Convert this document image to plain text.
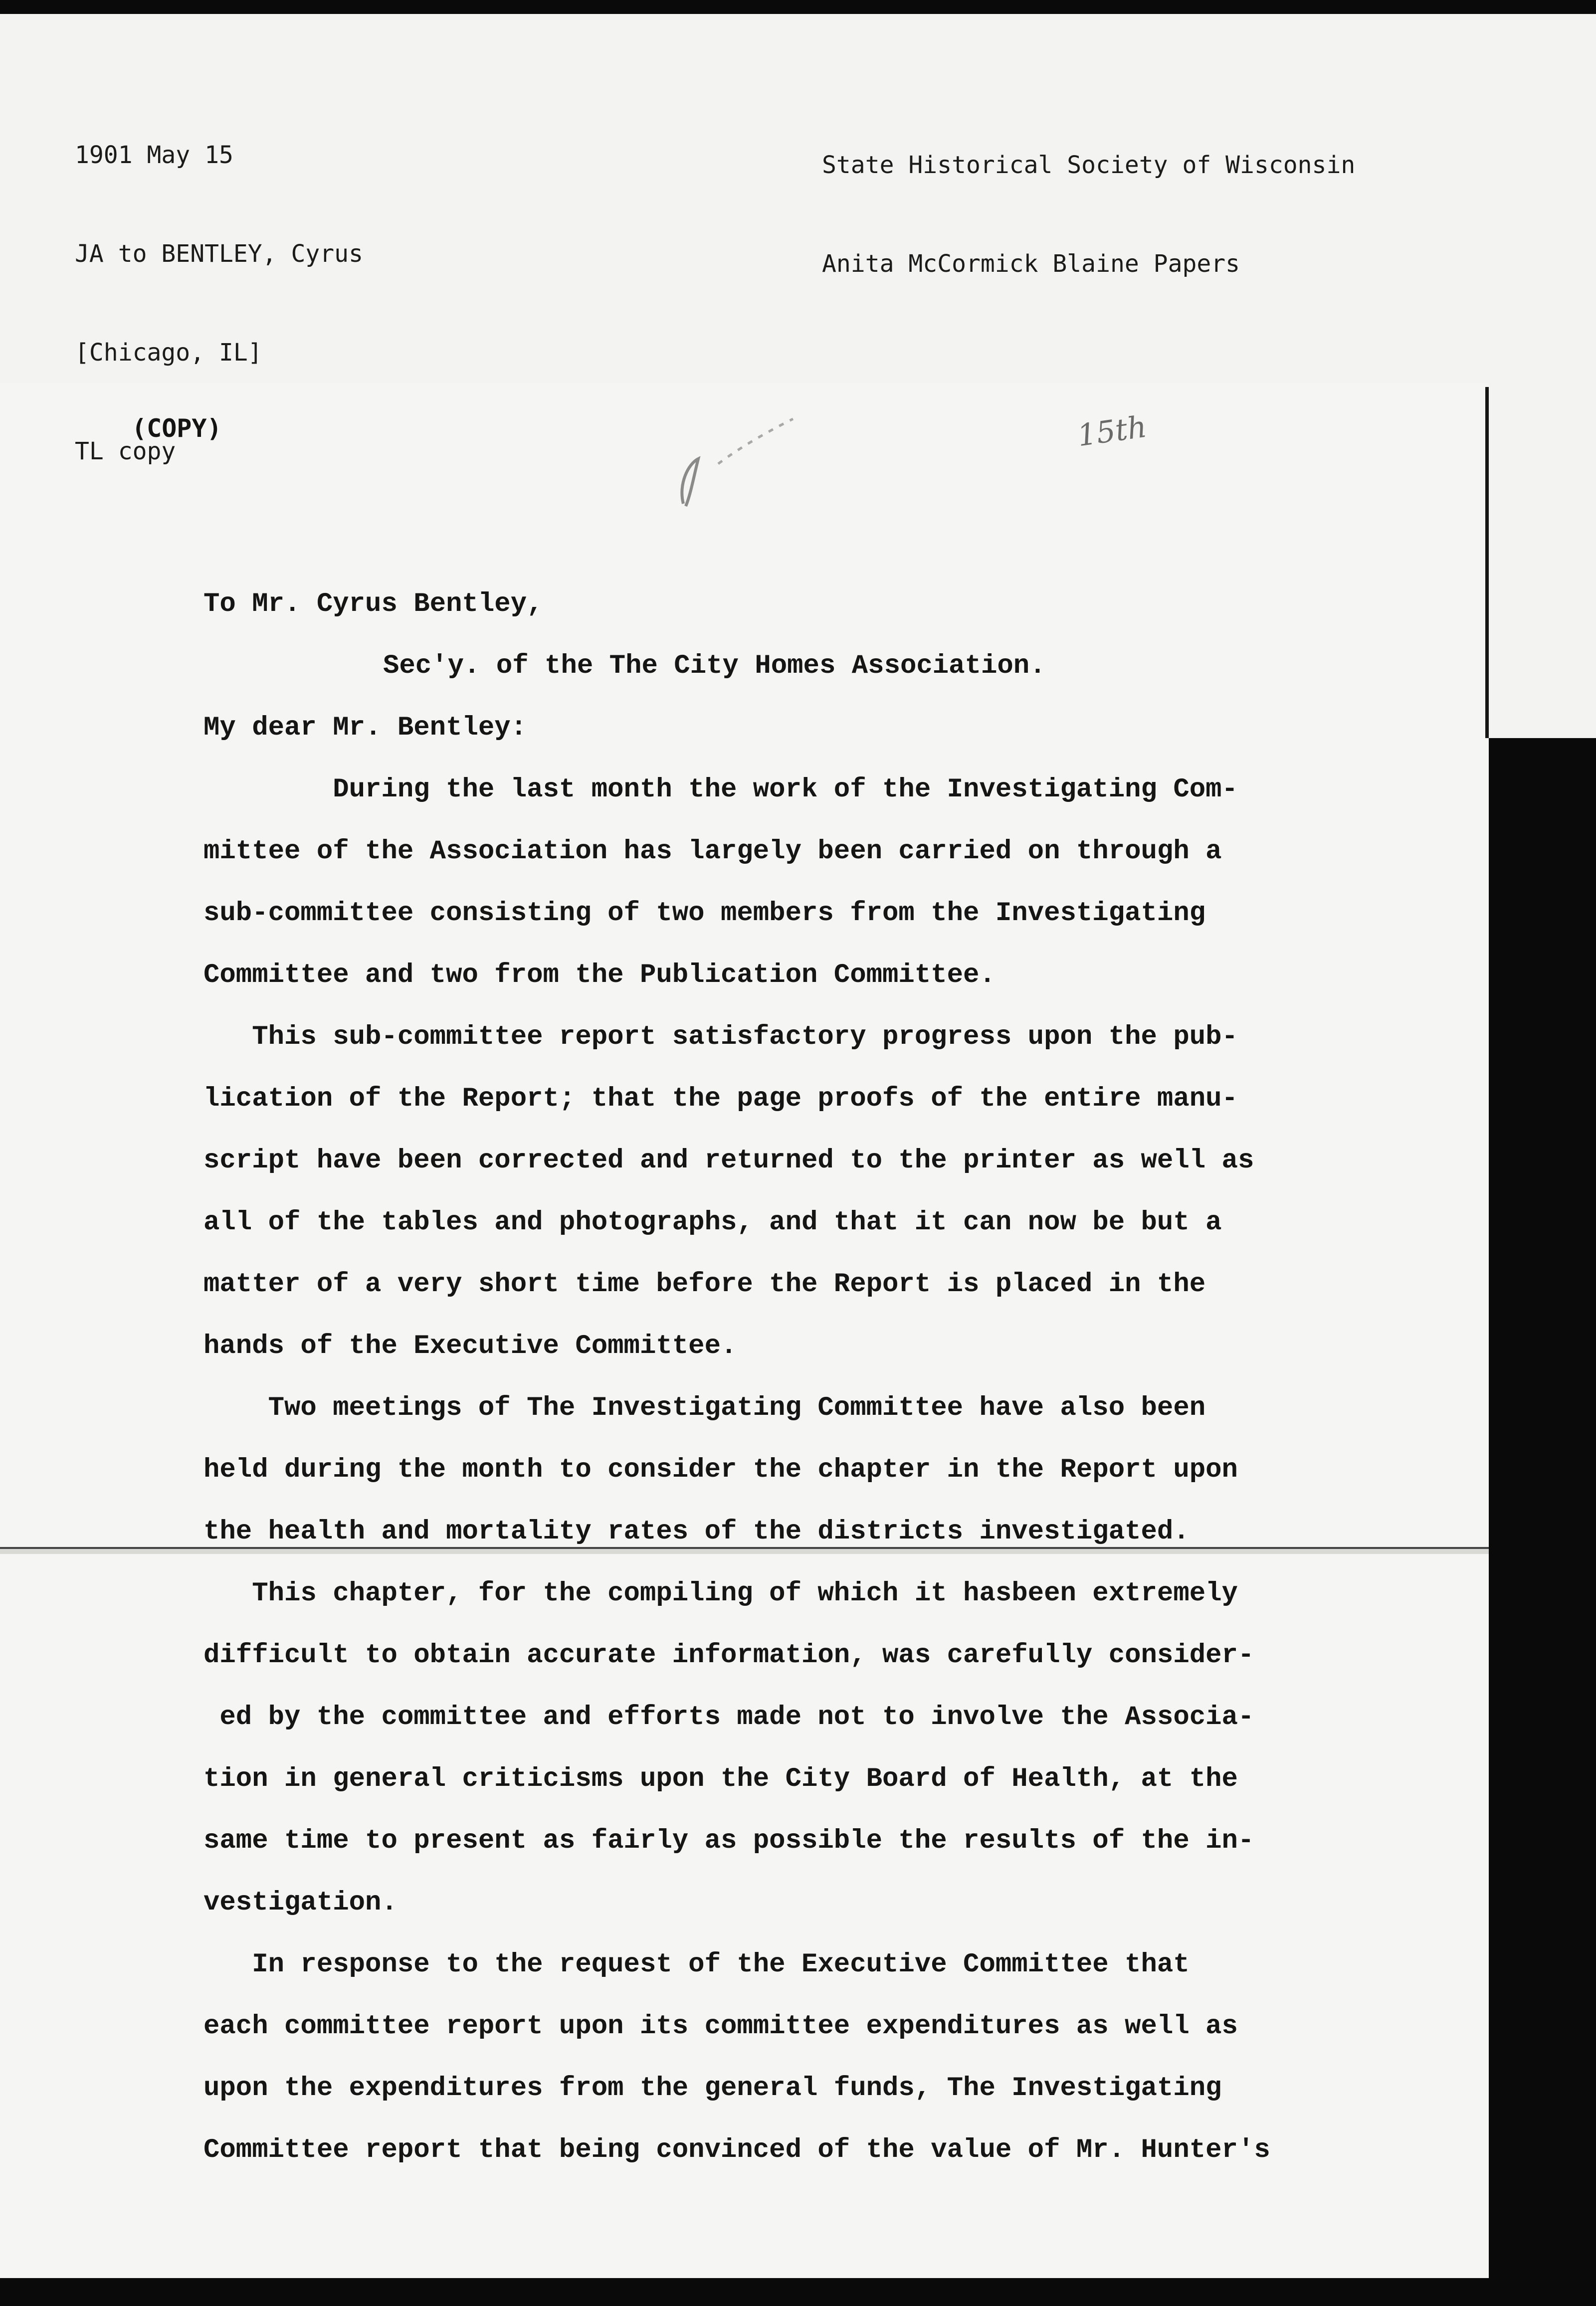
1901 May 15

JA to BENTLEY, Cyrus

[Chicago, IL]

TL copy

State Historical Society of Wisconsin

Anita McCormick Blaine Papers

(COPY)	15th
To Mr. Cyrus Bentley,
Sec'y. of the The City Homes Association.
My dear Mr. Bentley:
During the last month the work of the Investigating Com-
mittee of the Association has largely been carried on through a
sub-committee consisting of two members from the Investigating
Committee and two from the Publication Committee.
This sub-committee report satisfactory progress upon the pub-
lication of the Report; that the page proofs of the entire manu-
script have been corrected and returned to the printer as well as
all of the tables and photographs, and that it can now be but a
matter of a very short time before the Report is placed in the
hands of the Executive Committee.
Two meetings of The Investigating Committee have also been
held during the month to consider the chapter in the Report upon
the health and mortality rates of the districts investigated.
This chapter, for the compiling of which it hasbeen extremely
difficult to obtain accurate information, was carefully consider-
ed by the committee and efforts made not to involve the Associa-
tion in general criticisms upon the City Board of Health, at the
same time to present as fairly as possible the results of the in-
vestigation.
In response to the request of the Executive Committee that
each committee report upon its committee expenditures as well as
upon the expenditures from the general funds, The Investigating
Committee report that being convinced of the value of Mr. Hunter's
